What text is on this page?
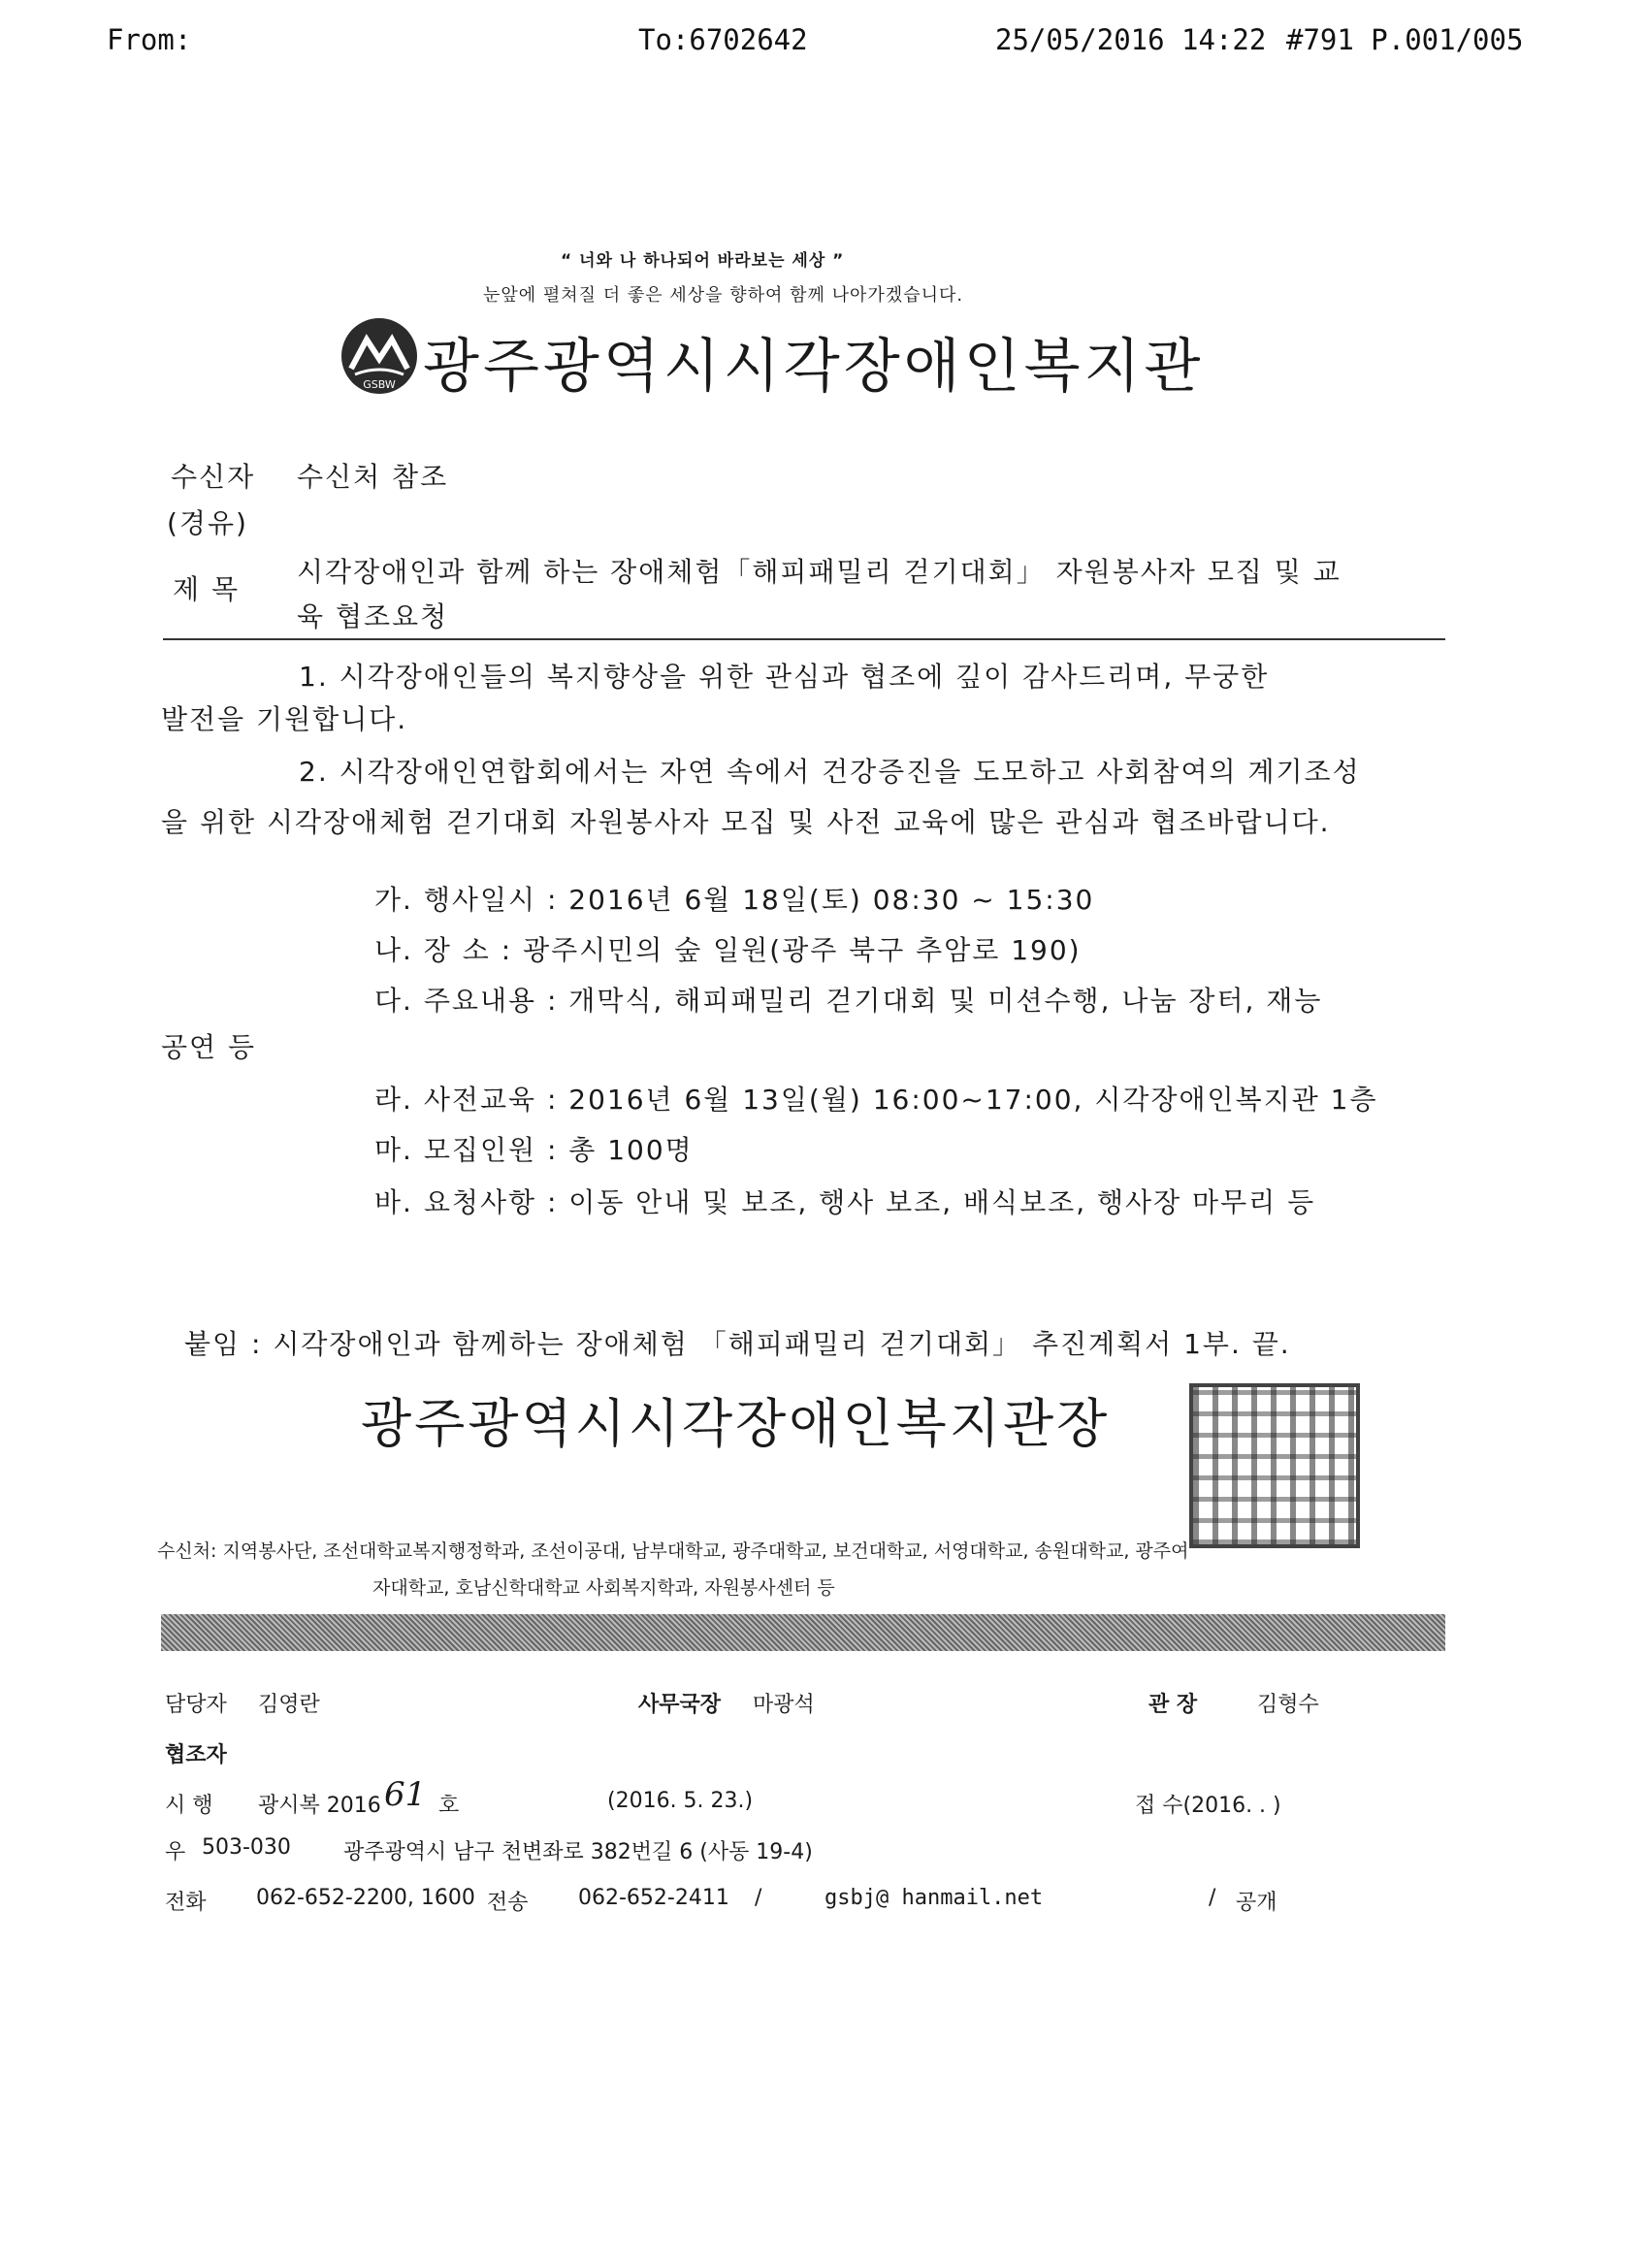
From:	To:6702642	25/05/2016 14:22 #791 P.001/005
“ 너와 나 하나되어 바라보는 세상 ”
눈앞에 펼쳐질 더 좋은 세상을 향하여 함께 나아가겠습니다.
GSBW 광주광역시시각장애인복지관
수신자 수신처 참조
(경유)
제 목
시각장애인과 함께 하는 장애체험「해피패밀리 걷기대회」 자원봉사자 모집 및 교
육 협조요청
1. 시각장애인들의 복지향상을 위한 관심과 협조에 깊이 감사드리며, 무궁한
발전을 기원합니다.
2. 시각장애인연합회에서는 자연 속에서 건강증진을 도모하고 사회참여의 계기조성
을 위한 시각장애체험 걷기대회 자원봉사자 모집 및 사전 교육에 많은 관심과 협조바랍니다.
가. 행사일시 : 2016년 6월 18일(토) 08:30 ~ 15:30
나. 장 소 : 광주시민의 숲 일원(광주 북구 추암로 190)
다. 주요내용 : 개막식, 해피패밀리 걷기대회 및 미션수행, 나눔 장터, 재능
공연 등
라. 사전교육 : 2016년 6월 13일(월) 16:00~17:00, 시각장애인복지관 1층
마. 모집인원 : 총 100명
바. 요청사항 : 이동 안내 및 보조, 행사 보조, 배식보조, 행사장 마무리 등
붙임 : 시각장애인과 함께하는 장애체험 「해피패밀리 걷기대회」 추진계획서 1부. 끝.
광주광역시시각장애인복지관장
수신처: 지역봉사단, 조선대학교복지행정학과, 조선이공대, 남부대학교, 광주대학교, 보건대학교, 서영대학교, 송원대학교, 광주여
자대학교, 호남신학대학교 사회복지학과, 자원봉사센터 등
담당자 김영란	사무국장 마광석	관 장	김형수
협조자
시 행 광시복 2016 61 호	(2016. 5. 23.)	접 수(2016. . )
우 503-030 광주광역시 남구 천변좌로 382번길 6 (사동 19-4)
전화 062-652-2200, 1600 전송 062-652-2411 /	gsbj@ hanmail.net	/ 공개
